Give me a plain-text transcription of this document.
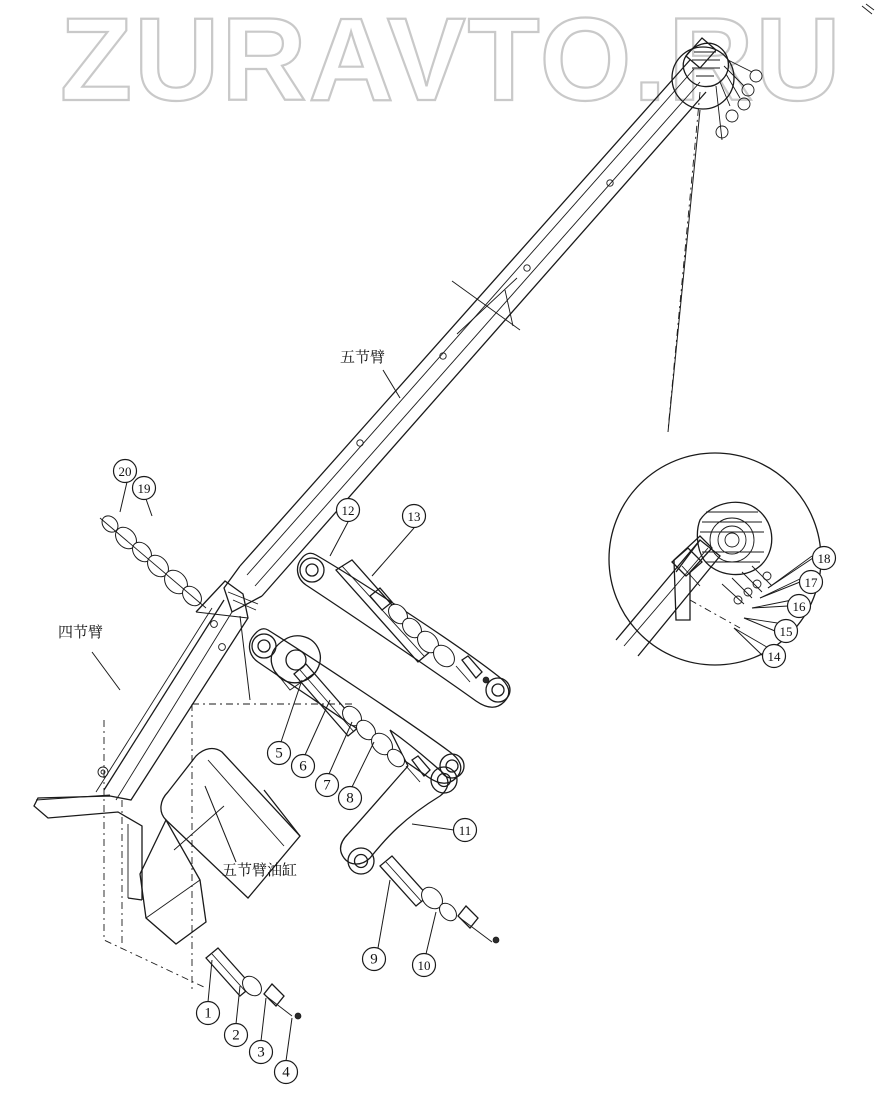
ZURAVTO.RU
1
2
3
4
5
6
7
8
9	10
11
12	13
14
15
16
17
18
19
20
五节臂
四节臂
五节臂油缸
